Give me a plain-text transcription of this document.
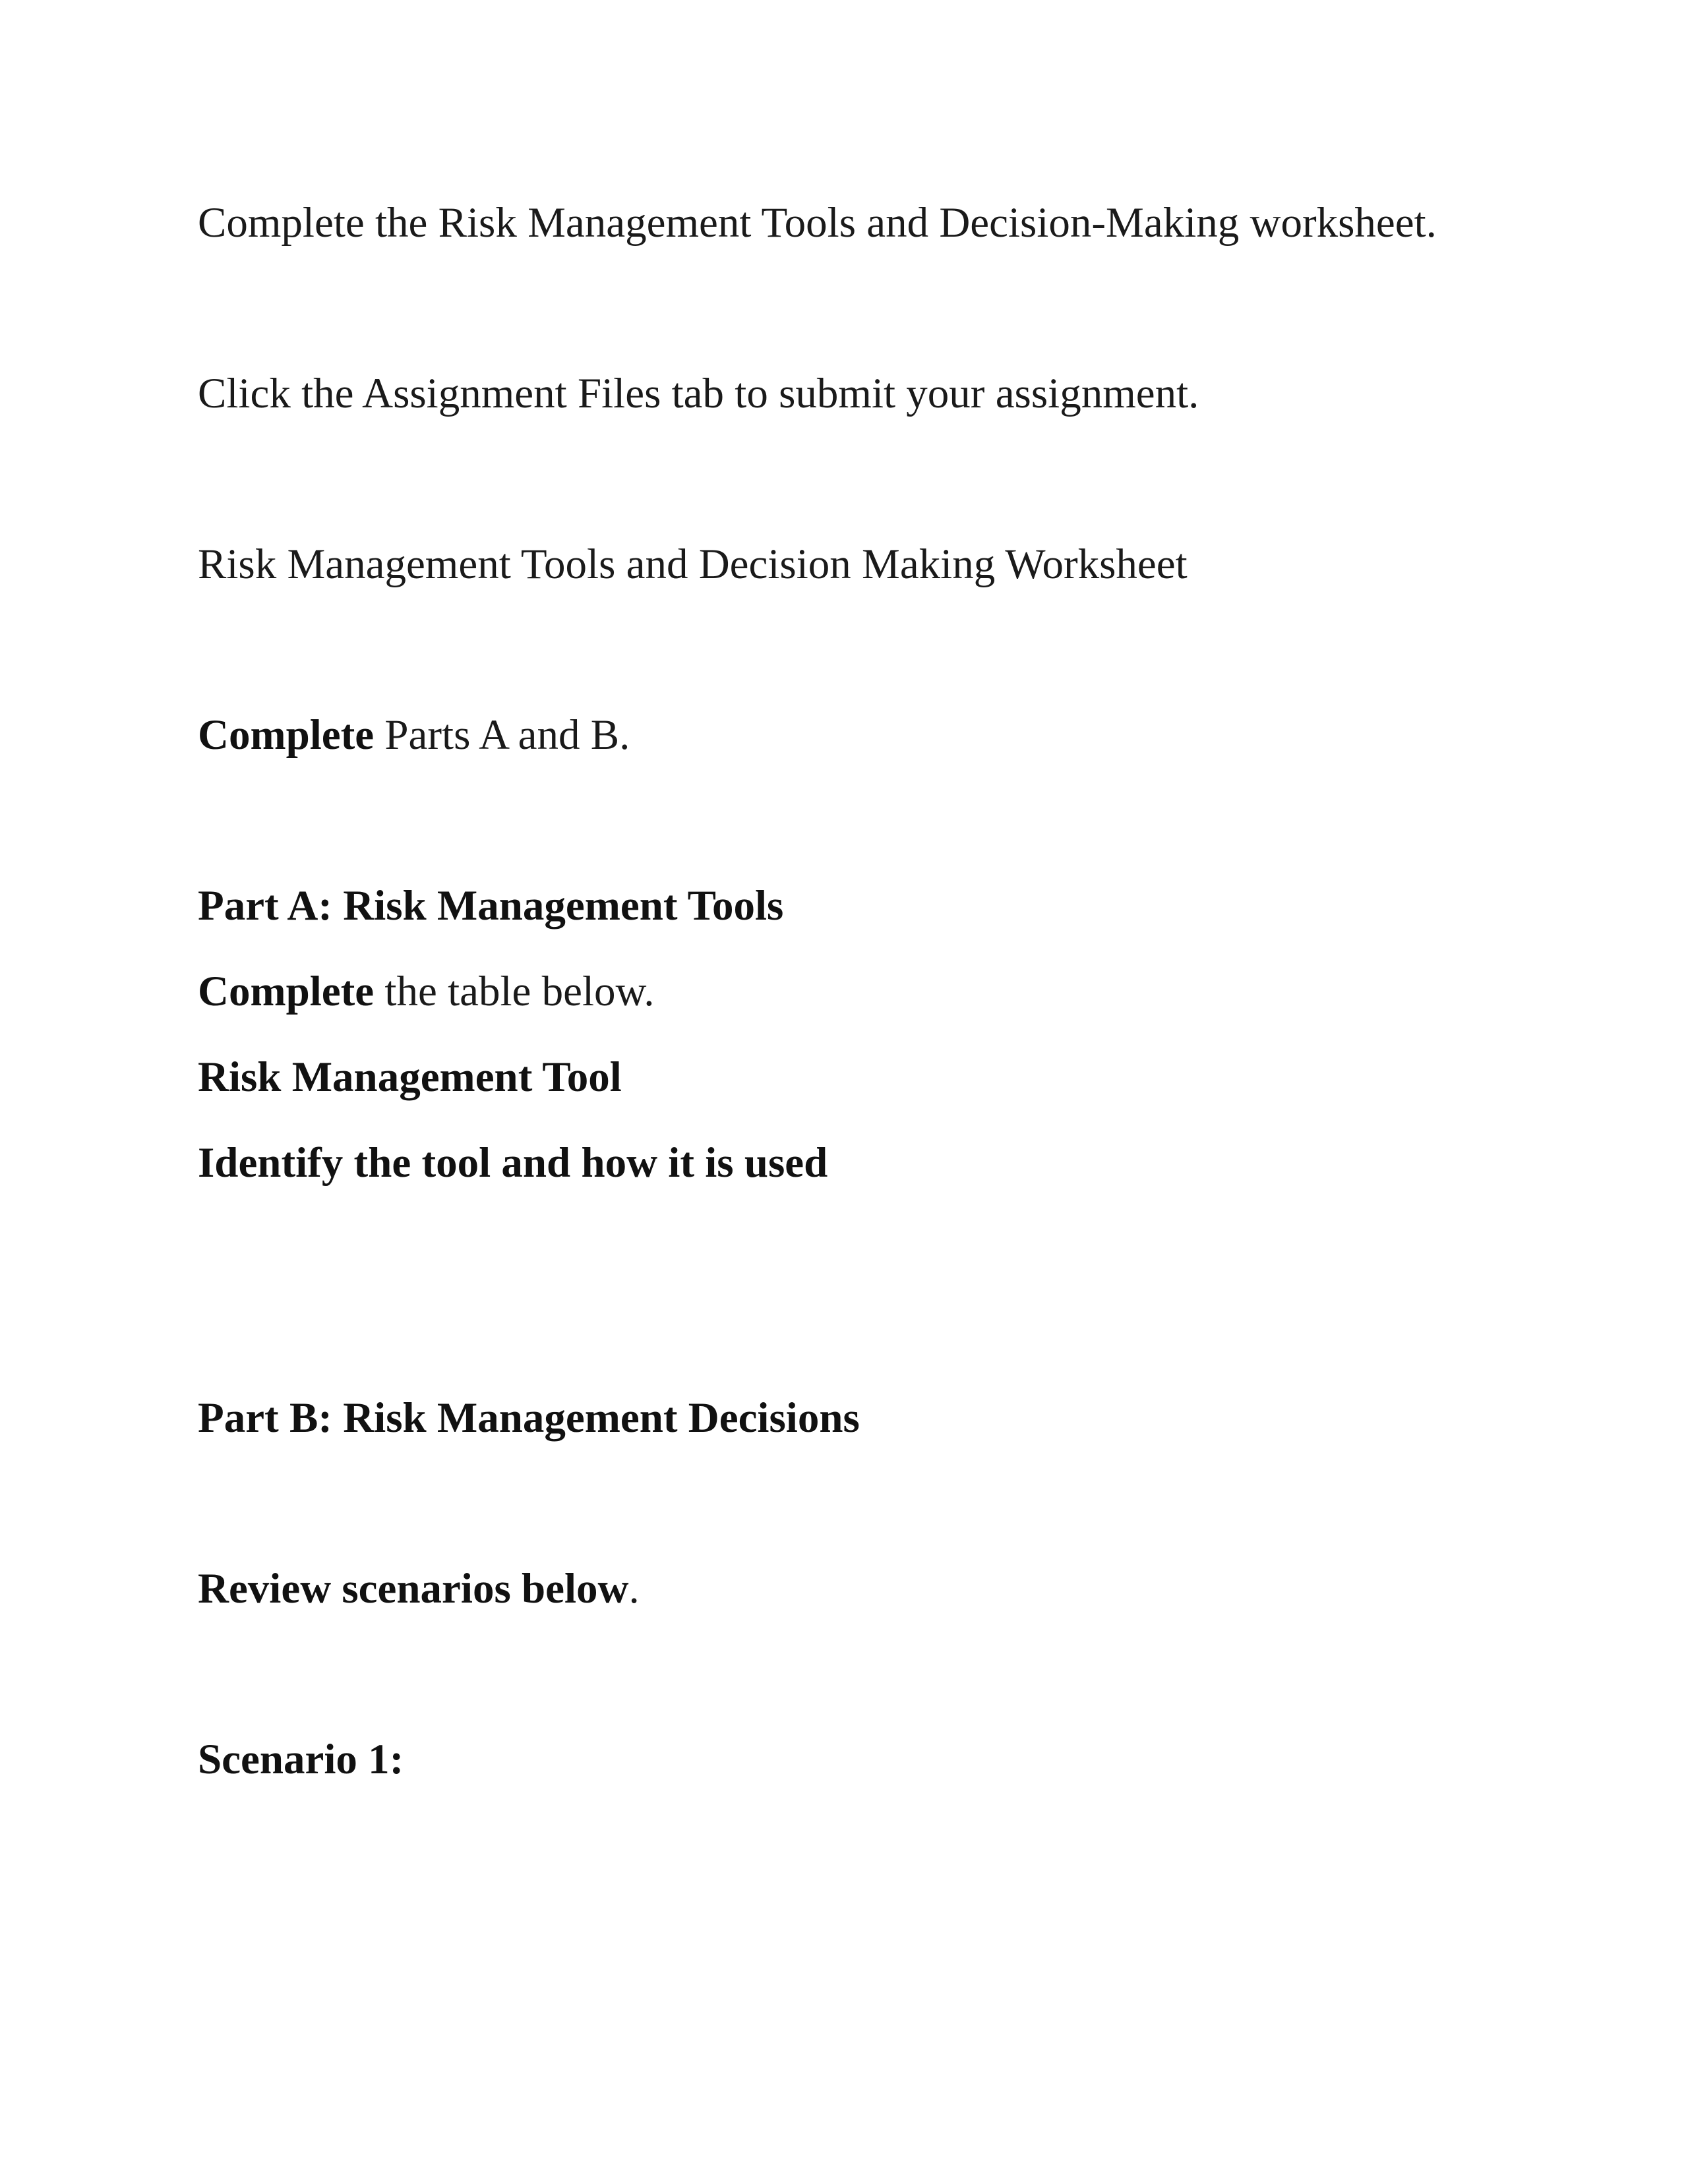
Complete the Risk Management Tools and Decision-Making worksheet.
Click the Assignment Files tab to submit your assignment.
Risk Management Tools and Decision Making Worksheet
Complete Parts A and B.
Part A: Risk Management Tools
Complete the table below.
Risk Management Tool
Identify the tool and how it is used
Part B: Risk Management Decisions
Review scenarios below.
Scenario 1:
